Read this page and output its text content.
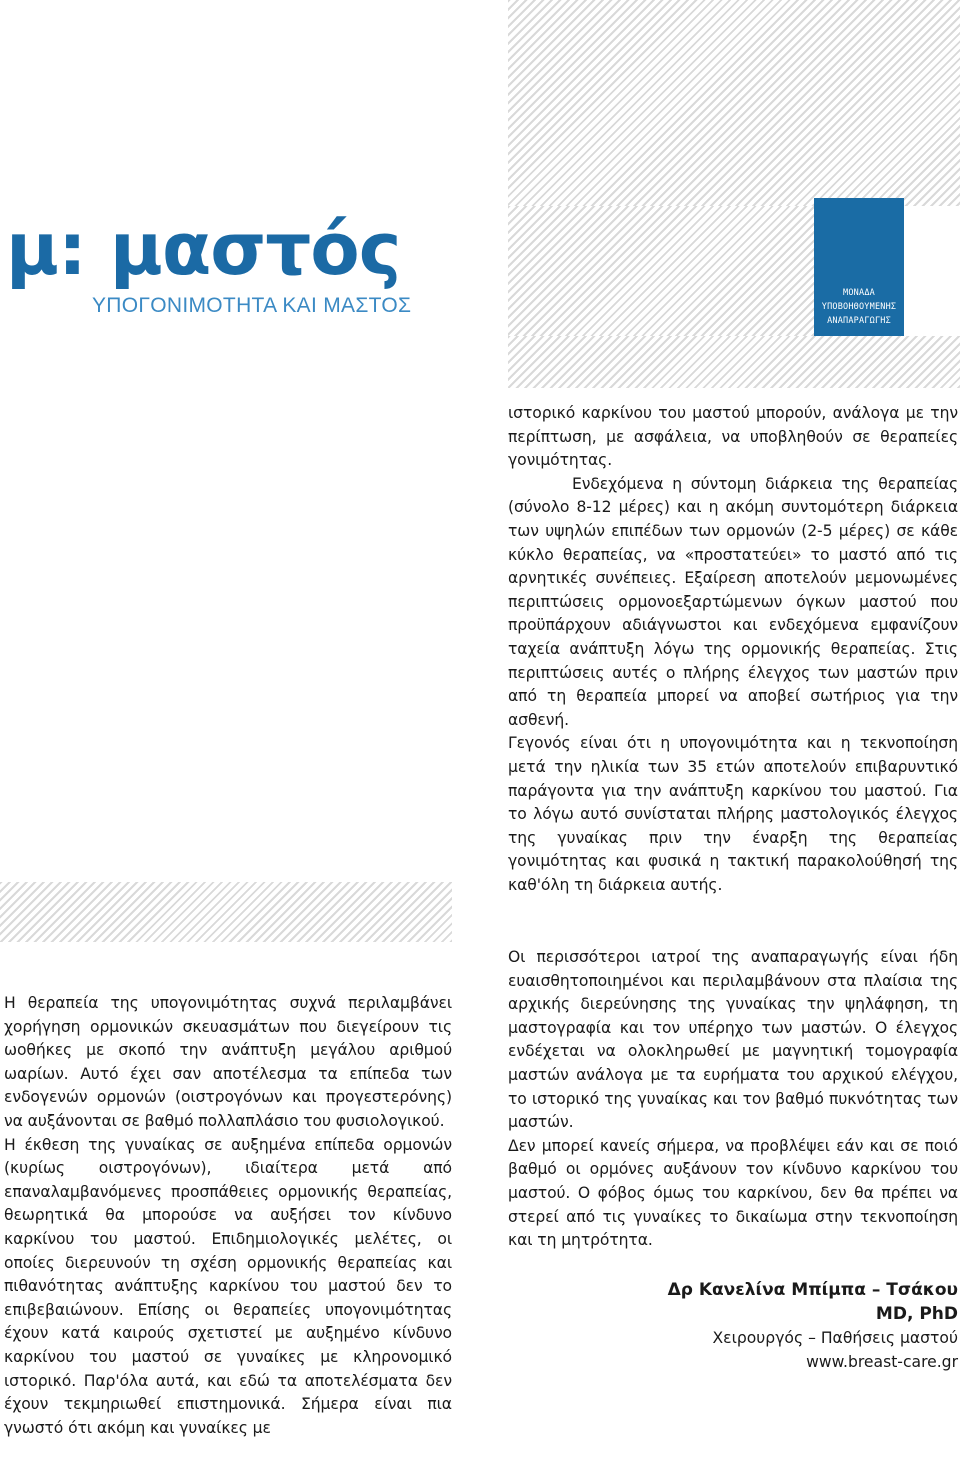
ΜΟΝΑΔΑ
ΥΠΟΒΟΗΘΟΥΜΕΝΗΣ
ΑΝΑΠΑΡΑΓΩΓΗΣ
μ: μαστός
ΥΠΟΓΟΝΙΜΟΤΗΤΑ ΚΑΙ ΜΑΣΤΟΣ

Η θεραπεία της υπογονιμότητας συχνά περιλαμβάνει χορήγηση ορμονικών σκευασμάτων που διεγείρουν τις ωοθήκες με σκοπό την ανάπτυξη μεγάλου αριθμού ωαρίων. Αυτό έχει σαν αποτέλεσμα τα επίπεδα των ενδογενών ορμονών (οιστρογόνων και προγεστερόνης) να αυξάνονται σε βαθμό πολλαπλάσιο του φυσιολογικού.

Η έκθεση της γυναίκας σε αυξημένα επίπεδα ορμονών (κυρίως οιστρογόνων), ιδιαίτερα μετά από επαναλαμβανόμενες προσπάθειες ορμονικής θεραπείας, θεωρητικά θα μπορούσε να αυξήσει τον κίνδυνο καρκίνου του μαστού. Επιδημιολογικές μελέτες, οι οποίες διερευνούν τη σχέση ορμονικής θεραπείας και πιθανότητας ανάπτυξης καρκίνου του μαστού δεν το επιβεβαιώνουν. Επίσης οι θεραπείες υπογονιμότητας έχουν κατά καιρούς σχετιστεί με αυξημένο κίνδυνο καρκίνου του μαστού σε γυναίκες με κληρονομικό ιστορικό. Παρ'όλα αυτά, και εδώ τα αποτελέσματα δεν έχουν τεκμηριωθεί επιστημονικά. Σήμερα είναι πια γνωστό ότι ακόμη και γυναίκες με

ιστορικό καρκίνου του μαστού μπορούν, ανάλογα με την περίπτωση, με ασφάλεια, να υποβληθούν σε θεραπείες γονιμότητας.

Ενδεχόμενα η σύντομη διάρκεια της θεραπείας (σύνολο 8-12 μέρες) και η ακόμη συντομότερη διάρκεια των υψηλών επιπέδων των ορμονών (2-5 μέρες) σε κάθε κύκλο θεραπείας, να «προστατεύει» το μαστό από τις αρνητικές συνέπειες. Εξαίρεση αποτελούν μεμονωμένες περιπτώσεις ορμονοεξαρτώμενων όγκων μαστού που προϋπάρχουν αδιάγνωστοι και ενδεχόμενα εμφανίζουν ταχεία ανάπτυξη λόγω της ορμονικής θεραπείας. Στις περιπτώσεις αυτές ο πλήρης έλεγχος των μαστών πριν από τη θεραπεία μπορεί να αποβεί σωτήριος για την ασθενή.

Γεγονός είναι ότι η υπογονιμότητα και η τεκνοποίηση μετά την ηλικία των 35 ετών αποτελούν επιβαρυντικό παράγοντα για την ανάπτυξη καρκίνου του μαστού. Για το λόγω αυτό συνίσταται πλήρης μαστολογικός έλεγχος της γυναίκας πριν την έναρξη της θεραπείας γονιμότητας και φυσικά η τακτική παρακολούθησή της καθ'όλη τη διάρκεια αυτής.

Οι περισσότεροι ιατροί της αναπαραγωγής είναι ήδη ευαισθητοποιημένοι και περιλαμβάνουν στα πλαίσια της αρχικής διερεύνησης της γυναίκας την ψηλάφηση, τη μαστογραφία και τον υπέρηχο των μαστών. Ο έλεγχος ενδέχεται να ολοκληρωθεί με μαγνητική τομογραφία μαστών ανάλογα με τα ευρήματα του αρχικού ελέγχου, το ιστορικό της γυναίκας και τον βαθμό πυκνότητας των μαστών.

Δεν μπορεί κανείς σήμερα, να προβλέψει εάν και σε ποιό βαθμό οι ορμόνες αυξάνουν τον κίνδυνο καρκίνου του μαστού. Ο φόβος όμως του καρκίνου, δεν θα πρέπει να στερεί από τις γυναίκες το δικαίωμα στην τεκνοποίηση και τη μητρότητα.

Δρ Κανελίνα Μπίμπα – Τσάκου
MD, PhD
Χειρουργός – Παθήσεις μαστού
www.breast-care.gr
